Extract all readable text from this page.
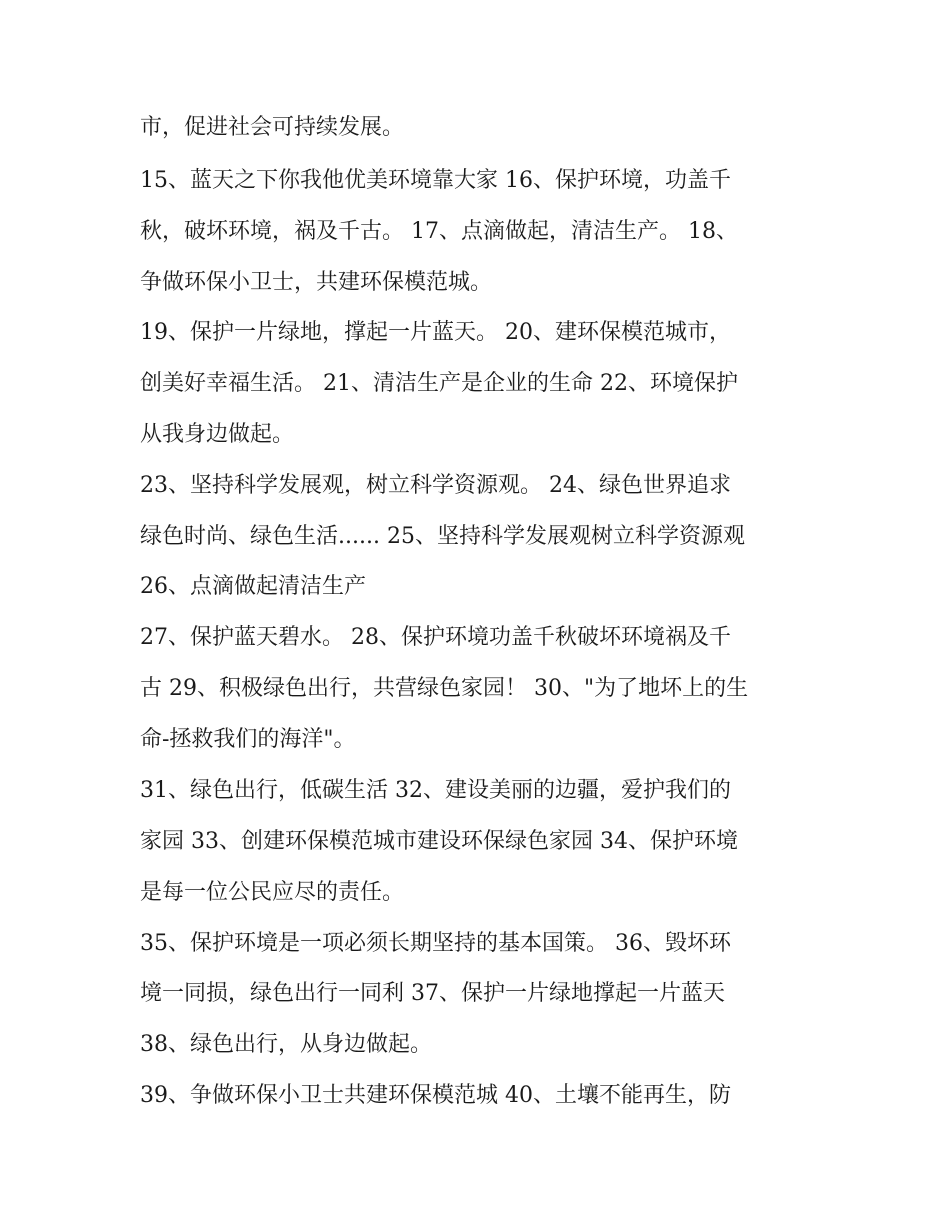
市，促进社会可持续发展。
15、蓝天之下你我他优美环境靠大家 16、保护环境，功盖千
秋，破坏环境，祸及千古。 17、点滴做起，清洁生产。 18、
争做环保小卫士，共建环保模范城。
19、保护一片绿地，撑起一片蓝天。 20、建环保模范城市，
创美好幸福生活。 21、清洁生产是企业的生命 22、环境保护
从我身边做起。
23、坚持科学发展观，树立科学资源观。 24、绿色世界追求
绿色时尚、绿色生活...... 25、坚持科学发展观树立科学资源观
26、点滴做起清洁生产
27、保护蓝天碧水。 28、保护环境功盖千秋破坏环境祸及千
古 29、积极绿色出行，共营绿色家园！ 30、"为了地坏上的生
命-拯救我们的海洋"。
31、绿色出行，低碳生活 32、建设美丽的边疆，爱护我们的
家园 33、创建环保模范城市建设环保绿色家园 34、保护环境
是每一位公民应尽的责任。
35、保护环境是一项必须长期坚持的基本国策。 36、毁坏环
境一同损，绿色出行一同利 37、保护一片绿地撑起一片蓝天
38、绿色出行，从身边做起。
39、争做环保小卫士共建环保模范城 40、土壤不能再生，防
